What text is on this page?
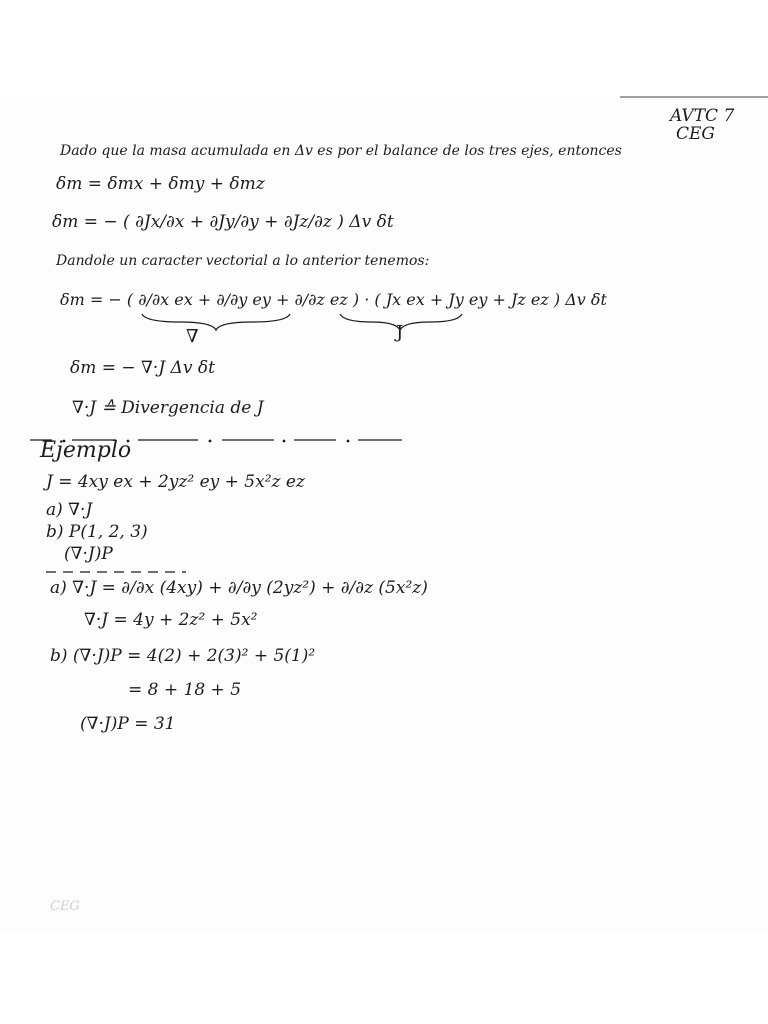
AVTC 7
CEG
Dado que la masa acumulada en Δv es por el balance de los tres ejes, entonces
δm = δmx + δmy + δmz
δm = − ( ∂Jx/∂x + ∂Jy/∂y + ∂Jz/∂z ) Δv δt
Dandole un caracter vectorial a lo anterior tenemos:
δm = − ( ∂/∂x ex + ∂/∂y ey + ∂/∂z ez ) · ( Jx ex + Jy ey + Jz ez ) Δv δt
∇	J
δm = − ∇·J Δv δt
∇·J ≙ Divergencia de J
Ejemplo
J = 4xy ex + 2yz² ey + 5x²z ez
a) ∇·J
b) P(1, 2, 3)
(∇·J)P
a) ∇·J = ∂/∂x (4xy) + ∂/∂y (2yz²) + ∂/∂z (5x²z)
∇·J = 4y + 2z² + 5x²
b) (∇·J)P = 4(2) + 2(3)² + 5(1)²
= 8 + 18 + 5
(∇·J)P = 31
CEG
